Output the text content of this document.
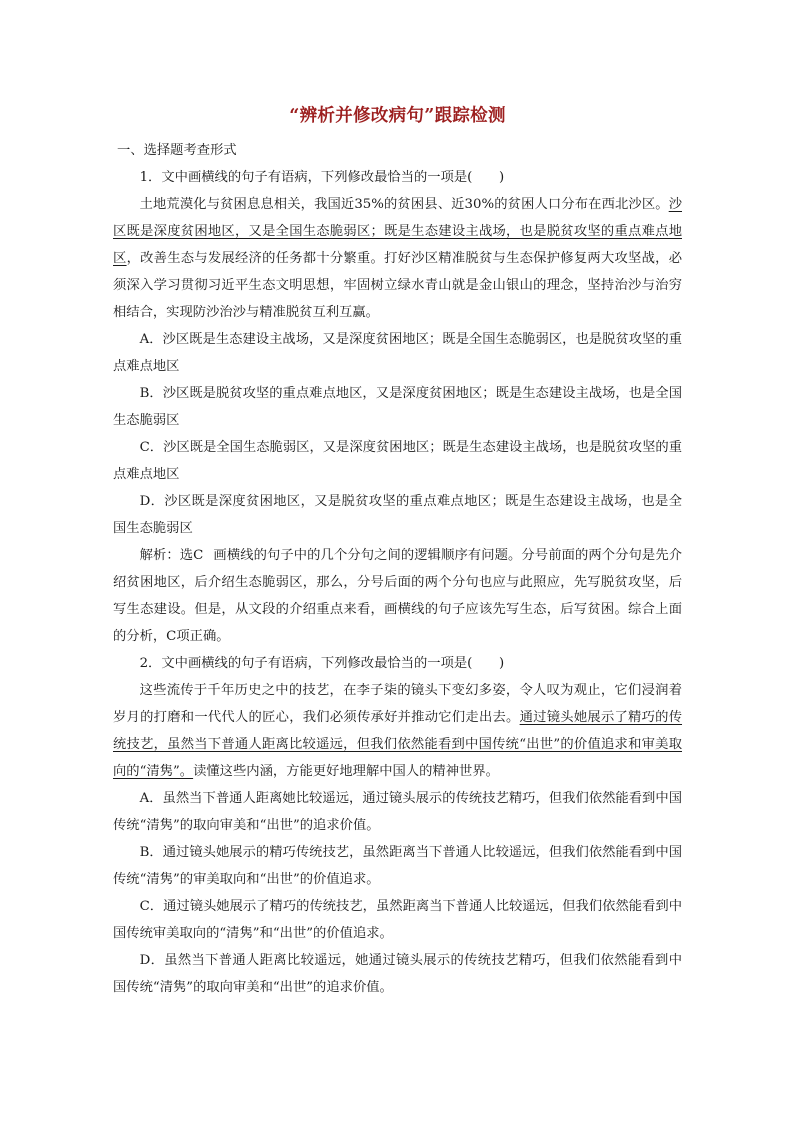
“辨析并修改病句”跟踪检测
一、选择题考查形式

1．文中画横线的句子有语病，下列修改最恰当的一项是(　　)

土地荒漠化与贫困息息相关，我国近35%的贫困县、近30%的贫困人口分布在西北沙区。沙区既是深度贫困地区，又是全国生态脆弱区；既是生态建设主战场，也是脱贫攻坚的重点难点地区，改善生态与发展经济的任务都十分繁重。打好沙区精准脱贫与生态保护修复两大攻坚战，必须深入学习贯彻习近平生态文明思想，牢固树立绿水青山就是金山银山的理念，坚持治沙与治穷相结合，实现防沙治沙与精准脱贫互利互赢。

A．沙区既是生态建设主战场，又是深度贫困地区；既是全国生态脆弱区，也是脱贫攻坚的重点难点地区

B．沙区既是脱贫攻坚的重点难点地区，又是深度贫困地区；既是生态建设主战场，也是全国生态脆弱区

C．沙区既是全国生态脆弱区，又是深度贫困地区；既是生态建设主战场，也是脱贫攻坚的重点难点地区

D．沙区既是深度贫困地区，又是脱贫攻坚的重点难点地区；既是生态建设主战场，也是全国生态脆弱区

解析：选C 画横线的句子中的几个分句之间的逻辑顺序有问题。分号前面的两个分句是先介绍贫困地区，后介绍生态脆弱区，那么，分号后面的两个分句也应与此照应，先写脱贫攻坚，后写生态建设。但是，从文段的介绍重点来看，画横线的句子应该先写生态，后写贫困。综合上面的分析，C项正确。

2．文中画横线的句子有语病，下列修改最恰当的一项是(　　)

这些流传于千年历史之中的技艺，在李子柒的镜头下变幻多姿，令人叹为观止，它们浸润着岁月的打磨和一代代人的匠心，我们必须传承好并推动它们走出去。通过镜头她展示了精巧的传统技艺，虽然当下普通人距离比较遥远，但我们依然能看到中国传统“出世”的价值追求和审美取向的“清隽”。读懂这些内涵，方能更好地理解中国人的精神世界。

A．虽然当下普通人距离她比较遥远，通过镜头展示的传统技艺精巧，但我们依然能看到中国传统“清隽”的取向审美和“出世”的追求价值。

B．通过镜头她展示的精巧传统技艺，虽然距离当下普通人比较遥远，但我们依然能看到中国传统“清隽”的审美取向和“出世”的价值追求。

C．通过镜头她展示了精巧的传统技艺，虽然距离当下普通人比较遥远，但我们依然能看到中国传统审美取向的“清隽”和“出世”的价值追求。

D．虽然当下普通人距离比较遥远，她通过镜头展示的传统技艺精巧，但我们依然能看到中国传统“清隽”的取向审美和“出世”的追求价值。
